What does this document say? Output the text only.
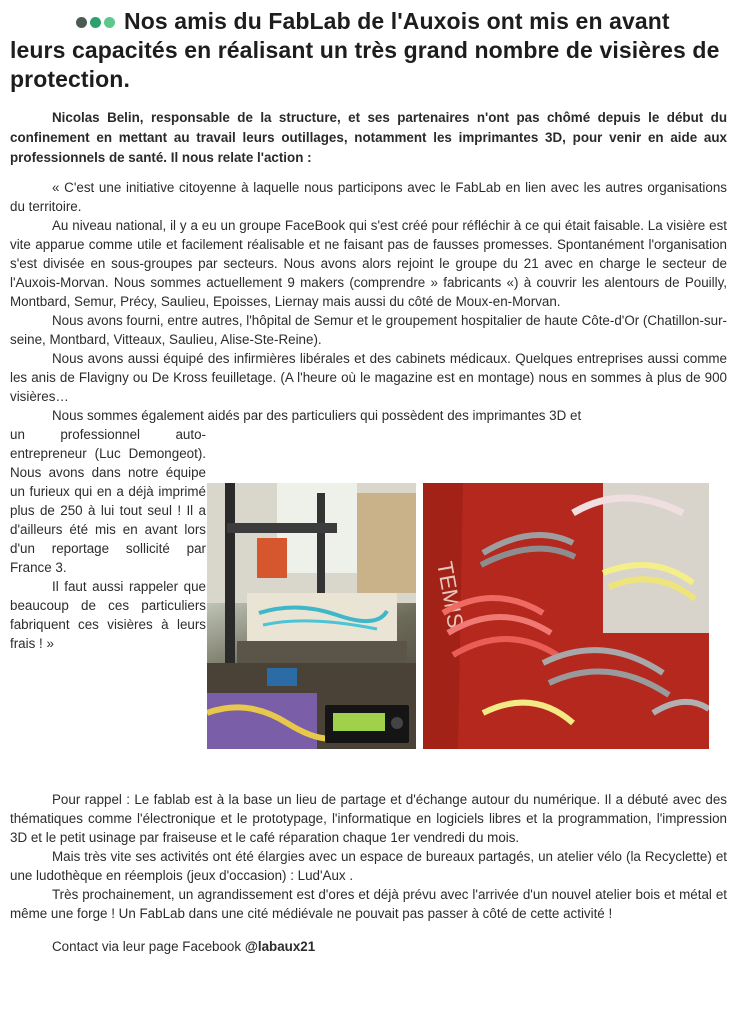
Nos amis du FabLab de l'Auxois ont mis en avant leurs capacités en réalisant un très grand nombre de visières de protection.

Nicolas Belin, responsable de la structure, et ses partenaires n'ont pas chômé depuis le début du confinement en mettant au travail leurs outillages, notamment les imprimantes 3D, pour venir en aide aux professionnels de santé. Il nous relate l'action :

« C'est une initiative citoyenne à laquelle nous participons avec le FabLab en lien avec les autres organisations du territoire.

Au niveau national, il y a eu un groupe FaceBook qui s'est créé pour réfléchir à ce qui était faisable. La visière est vite apparue comme utile et facilement réalisable et ne faisant pas de fausses promesses. Spontanément l'organisation s'est divisée en sous-groupes par secteurs. Nous avons alors rejoint le groupe du 21 avec en charge le secteur de l'Auxois-Morvan. Nous sommes actuellement 9 makers (comprendre » fabricants «) à couvrir les alentours de Pouilly, Montbard, Semur, Précy, Saulieu, Epoisses, Liernay mais aussi du côté de Moux-en-Morvan.

Nous avons fourni, entre autres, l'hôpital de Semur et le groupement hospitalier de haute Côte-d'Or (Chatillon-sur-seine, Montbard, Vitteaux, Saulieu, Alise-Ste-Reine).

Nous avons aussi équipé des infirmières libérales et des cabinets médicaux. Quelques entreprises aussi comme les anis de Flavigny ou De Kross feuilletage. (A l'heure où le magazine est en montage) nous en sommes à plus de 900 visières…

Nous sommes également aidés par des particuliers qui possèdent des imprimantes 3D et

un professionnel auto-entrepreneur (Luc Demongeot). Nous avons dans notre équipe un furieux qui en a déjà imprimé plus de 250 à lui tout seul ! Il a d'ailleurs été mis en avant lors d'un reportage sollicité par France 3.

Il faut aussi rappeler que beaucoup de ces particuliers fabriquent ces visières à leurs frais ! »

TEMIS

Pour rappel : Le fablab est à la base un lieu de partage et d'échange autour du numérique. Il a débuté avec des thématiques comme l'électronique et le prototypage, l'informatique en logiciels libres et la programmation, l'impression 3D et le petit usinage par fraiseuse et le café réparation chaque 1er vendredi du mois.

Mais très vite ses activités ont été élargies avec un espace de bureaux partagés, un atelier vélo (la Recyclette) et une ludothèque en réemplois (jeux d'occasion) : Lud'Aux .

Très prochainement, un agrandissement est d'ores et déjà prévu avec l'arrivée d'un nouvel atelier bois et métal et même une forge ! Un FabLab dans une cité médiévale ne pouvait pas passer à côté de cette activité !

Contact via leur page Facebook @labaux21
